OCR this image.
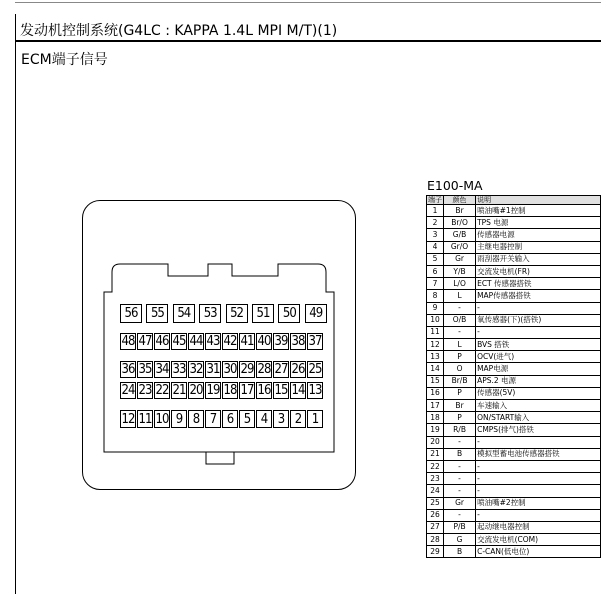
发动机控制系统(G4LC : KAPPA 1.4L MPI M/T)(1)
ECM端子信号
56	55	54	53	52	51	50	49
48 47 46 45 44 43 42 41 40 39 38 37
36 35 34 33 32 31 30 29 28 27 26 25
24 23 22 21 20 19 18 17 16 15 14 13
12 11 10 9 8 7 6 5 4 3 2 1
E100-MA
端子	颜色	说明
1	Br	喷油嘴#1控制
2	Br/O	TPS 电源
3	G/B	传感器电源
4	Gr/O	主继电器控制
5	Gr	雨刮器开关输入
6	Y/B	交流发电机(FR)
7	L/O	ECT 传感器搭铁
8	L	MAP传感器搭铁
9	-	-
10	O/B	氧传感器(下)(搭铁)
11	-	-
12	L	BVS 搭铁
13	P	OCV(进气)
14	O	MAP电源
15	Br/B	APS.2 电源
16	P	传感器(5V)
17	Br	车速输入
18	P	ON/START输入
19	R/B	CMPS(排气)搭铁
20	-	-
21	B	模拟型蓄电池传感器搭铁
22	-	-
23	-	-
24	-	-
25	Gr	喷油嘴#2控制
26	-	-
27	P/B	起动继电器控制
28	G	交流发电机(COM)
29	B	C-CAN(低电位)
